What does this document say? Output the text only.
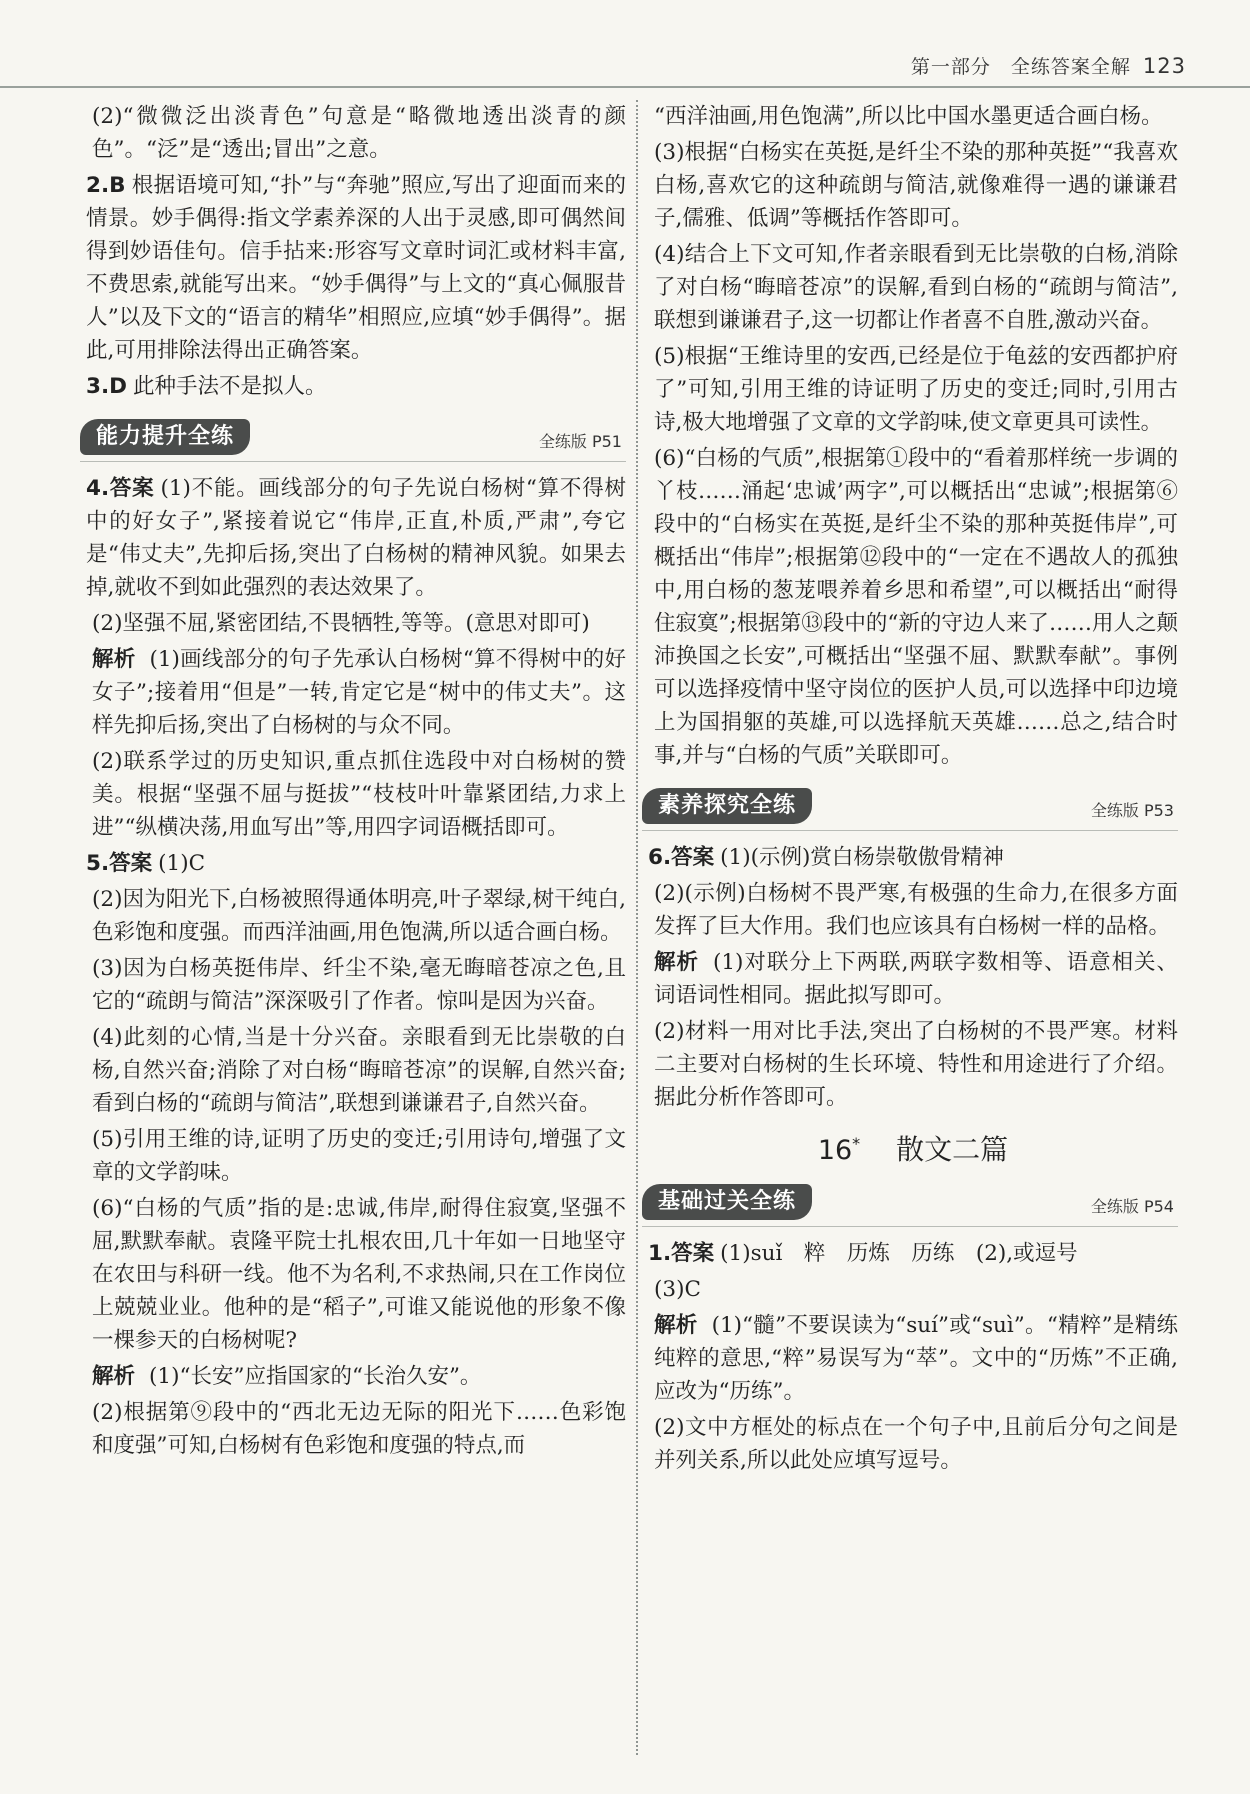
第一部分　全练答案全解 123

(2)“微微泛出淡青色”句意是“略微地透出淡青的颜色”。“泛”是“透出;冒出”之意。

2.B 根据语境可知,“扑”与“奔驰”照应,写出了迎面而来的情景。妙手偶得:指文学素养深的人出于灵感,即可偶然间得到妙语佳句。信手拈来:形容写文章时词汇或材料丰富,不费思索,就能写出来。“妙手偶得”与上文的“真心佩服昔人”以及下文的“语言的精华”相照应,应填“妙手偶得”。据此,可用排除法得出正确答案。

3.D 此种手法不是拟人。

能力提升全练	全练版 P51

4.答案 (1)不能。画线部分的句子先说白杨树“算不得树中的好女子”,紧接着说它“伟岸,正直,朴质,严肃”,夸它是“伟丈夫”,先抑后扬,突出了白杨树的精神风貌。如果去掉,就收不到如此强烈的表达效果了。

(2)坚强不屈,紧密团结,不畏牺牲,等等。(意思对即可)

解析 (1)画线部分的句子先承认白杨树“算不得树中的好女子”;接着用“但是”一转,肯定它是“树中的伟丈夫”。这样先抑后扬,突出了白杨树的与众不同。

(2)联系学过的历史知识,重点抓住选段中对白杨树的赞美。根据“坚强不屈与挺拔”“枝枝叶叶靠紧团结,力求上进”“纵横决荡,用血写出”等,用四字词语概括即可。

5.答案 (1)C

(2)因为阳光下,白杨被照得通体明亮,叶子翠绿,树干纯白,色彩饱和度强。而西洋油画,用色饱满,所以适合画白杨。

(3)因为白杨英挺伟岸、纤尘不染,毫无晦暗苍凉之色,且它的“疏朗与简洁”深深吸引了作者。惊叫是因为兴奋。

(4)此刻的心情,当是十分兴奋。亲眼看到无比崇敬的白杨,自然兴奋;消除了对白杨“晦暗苍凉”的误解,自然兴奋;看到白杨的“疏朗与简洁”,联想到谦谦君子,自然兴奋。

(5)引用王维的诗,证明了历史的变迁;引用诗句,增强了文章的文学韵味。

(6)“白杨的气质”指的是:忠诚,伟岸,耐得住寂寞,坚强不屈,默默奉献。袁隆平院士扎根农田,几十年如一日地坚守在农田与科研一线。他不为名利,不求热闹,只在工作岗位上兢兢业业。他种的是“稻子”,可谁又能说他的形象不像一棵参天的白杨树呢?

解析 (1)“长安”应指国家的“长治久安”。

(2)根据第⑨段中的“西北无边无际的阳光下……色彩饱和度强”可知,白杨树有色彩饱和度强的特点,而

“西洋油画,用色饱满”,所以比中国水墨更适合画白杨。

(3)根据“白杨实在英挺,是纤尘不染的那种英挺”“我喜欢白杨,喜欢它的这种疏朗与简洁,就像难得一遇的谦谦君子,儒雅、低调”等概括作答即可。

(4)结合上下文可知,作者亲眼看到无比崇敬的白杨,消除了对白杨“晦暗苍凉”的误解,看到白杨的“疏朗与简洁”,联想到谦谦君子,这一切都让作者喜不自胜,激动兴奋。

(5)根据“王维诗里的安西,已经是位于龟兹的安西都护府了”可知,引用王维的诗证明了历史的变迁;同时,引用古诗,极大地增强了文章的文学韵味,使文章更具可读性。

(6)“白杨的气质”,根据第①段中的“看着那样统一步调的丫枝……涌起‘忠诚’两字”,可以概括出“忠诚”;根据第⑥段中的“白杨实在英挺,是纤尘不染的那种英挺伟岸”,可概括出“伟岸”;根据第⑫段中的“一定在不遇故人的孤独中,用白杨的葱茏喂养着乡思和希望”,可以概括出“耐得住寂寞”;根据第⑬段中的“新的守边人来了……用人之颠沛换国之长安”,可概括出“坚强不屈、默默奉献”。事例可以选择疫情中坚守岗位的医护人员,可以选择中印边境上为国捐躯的英雄,可以选择航天英雄……总之,结合时事,并与“白杨的气质”关联即可。

素养探究全练	全练版 P53

6.答案 (1)(示例)赏白杨崇敬傲骨精神

(2)(示例)白杨树不畏严寒,有极强的生命力,在很多方面发挥了巨大作用。我们也应该具有白杨树一样的品格。

解析 (1)对联分上下两联,两联字数相等、语意相关、词语词性相同。据此拟写即可。

(2)材料一用对比手法,突出了白杨树的不畏严寒。材料二主要对白杨树的生长环境、特性和用途进行了介绍。据此分析作答即可。

16* 散文二篇
基础过关全练	全练版 P54

1.答案 (1)suǐ　粹　历炼　历练　(2),或逗号

(3)C

解析 (1)“髓”不要误读为“suí”或“suì”。“精粹”是精练纯粹的意思,“粹”易误写为“萃”。文中的“历炼”不正确,应改为“历练”。

(2)文中方框处的标点在一个句子中,且前后分句之间是并列关系,所以此处应填写逗号。
